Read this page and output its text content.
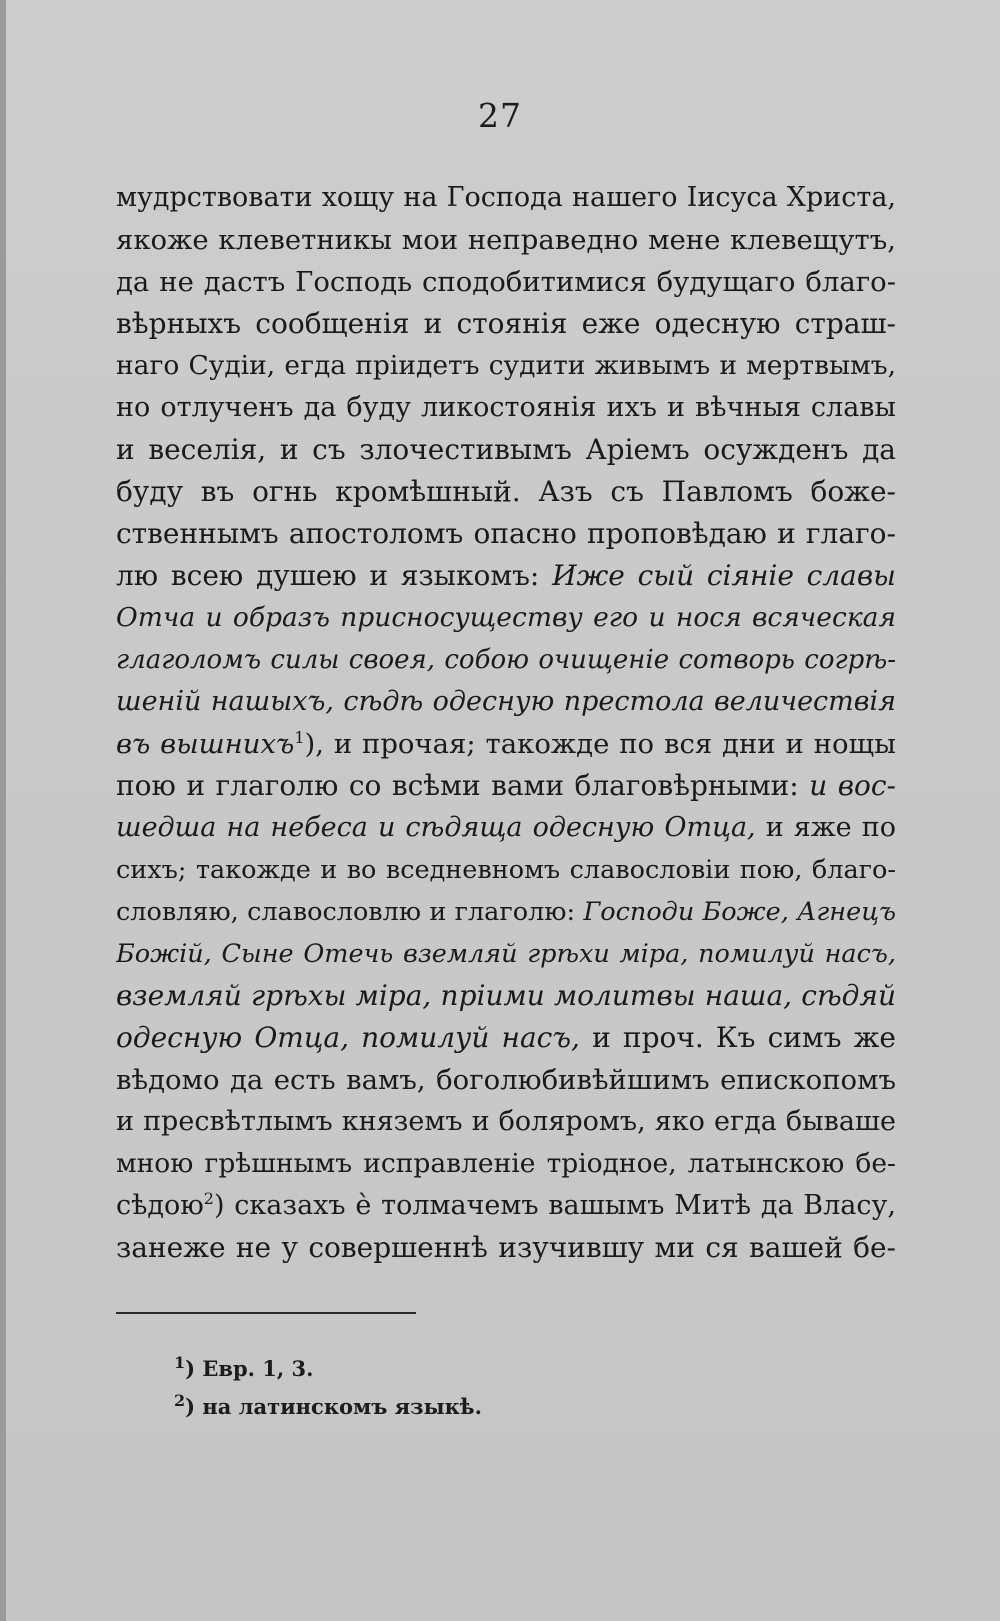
27
мудрствовати хощу на Господа нашего Іисуса Христа,
якоже клеветникы мои неправедно мене клевещутъ,
да не дастъ Господь сподобитимися будущаго благо-
вѣрныхъ сообщенія и стоянія еже одесную страш-
наго Судіи, егда пріидетъ судити живымъ и мертвымъ,
но отлученъ да буду ликостоянія ихъ и вѣчныя славы
и веселія, и съ злочестивымъ Аріемъ осужденъ да
буду въ огнь кромѣшный. Азъ съ Павломъ боже-
ственнымъ апостоломъ опасно проповѣдаю и глаго-
лю всею душею и языкомъ: Иже сый сіяніе славы
Отча и образъ присносуществу его и нося всяческая
глаголомъ силы своея, собою очищеніе сотворь согрѣ-
шеній нашыхъ, сѣдѣ одесную престола величествія
въ вышнихъ$^1$), и прочая; такожде по вся дни и нощы
пою и глаголю со всѣми вами благовѣрными: и вос-
шедша на небеса и сѣдяща одесную Отца, и яже по
сихъ; такожде и во вседневномъ славословіи пою, благо-
словляю, славословлю и глаголю: Господи Боже, Агнецъ
Божій, Сыне Отечь вземляй грѣхи міра, помилуй насъ,
вземляй грѣхы міра, пріими молитвы наша, сѣдяй
одесную Отца, помилуй насъ, и проч. Къ симъ же
вѣдомо да есть вамъ, боголюбивѣйшимъ епископомъ
и пресвѣтлымъ княземъ и боляромъ, яко егда бываше
мною грѣшнымъ исправленіе тріодное, латынскою бе-
сѣдою$^2$) сказахъ ѐ толмачемъ вашымъ Митѣ да Власу,
занеже не у совершеннѣ изучившу ми ся вашей бе-
$^1$) Евр. 1, 3.
$^2$) на латинскомъ языкѣ.
